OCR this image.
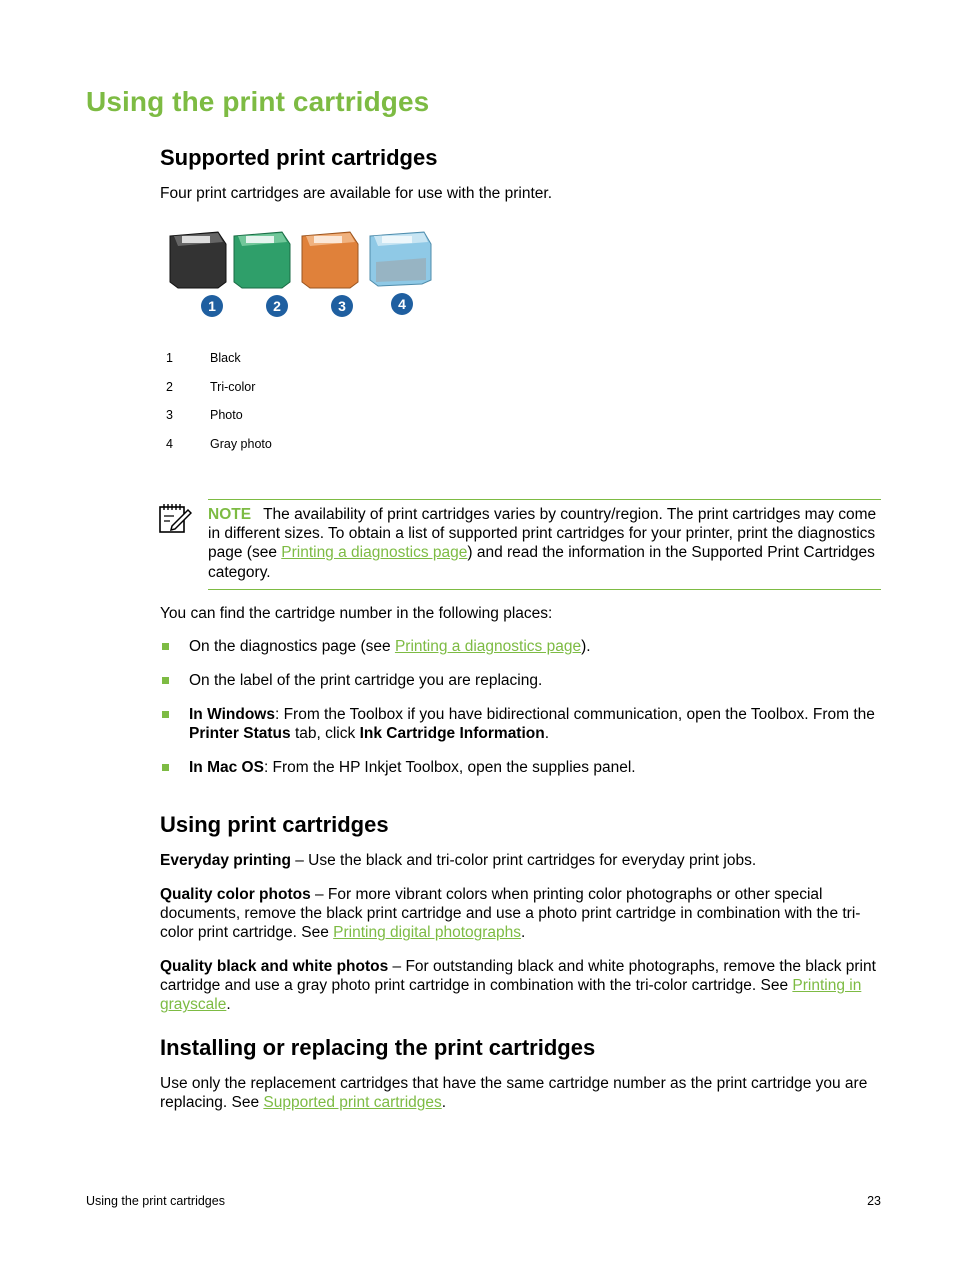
Using the print cartridges
Supported print cartridges

Four print cartridges are available for use with the printer.

1	2	3	4
1	Black
2	Tri-color
3	Photo
4	Gray photo

NOTE The availability of print cartridges varies by country/region. The print cartridges may come in different sizes. To obtain a list of supported print cartridges for your printer, print the diagnostics page (see Printing a diagnostics page) and read the information in the Supported Print Cartridges category.

You can find the cartridge number in the following places:

On the diagnostics page (see Printing a diagnostics page).

On the label of the print cartridge you are replacing.

In Windows: From the Toolbox if you have bidirectional communication, open the Toolbox. From the Printer Status tab, click Ink Cartridge Information.

In Mac OS: From the HP Inkjet Toolbox, open the supplies panel.

Using print cartridges

Everyday printing – Use the black and tri-color print cartridges for everyday print jobs.

Quality color photos – For more vibrant colors when printing color photographs or other special documents, remove the black print cartridge and use a photo print cartridge in combination with the tri-color print cartridge. See Printing digital photographs.

Quality black and white photos – For outstanding black and white photographs, remove the black print cartridge and use a gray photo print cartridge in combination with the tri-color cartridge. See Printing in grayscale.

Installing or replacing the print cartridges

Use only the replacement cartridges that have the same cartridge number as the print cartridge you are replacing. See Supported print cartridges.

Using the print cartridges	23
